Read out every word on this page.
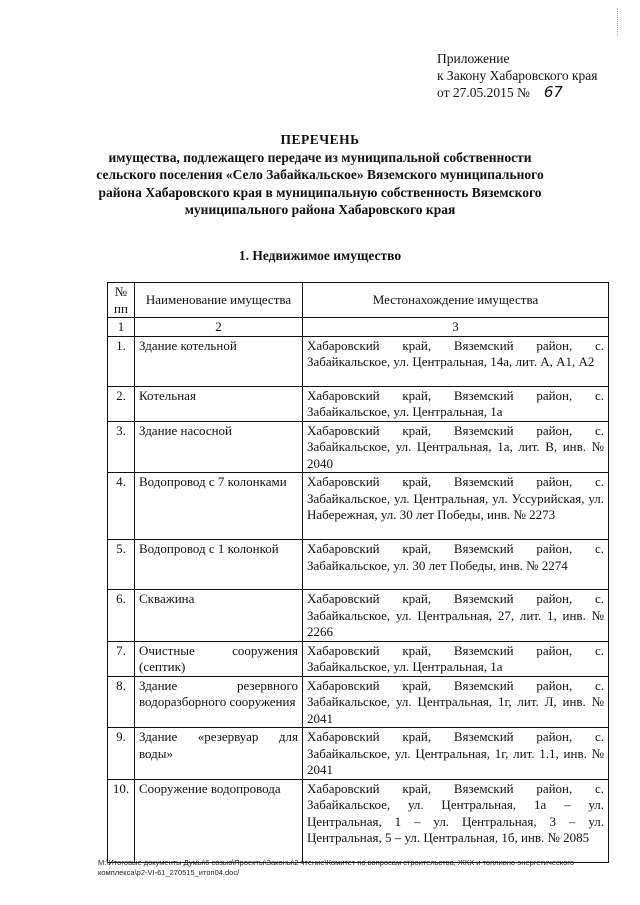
Приложение
к Закону Хабаровского края
от 27.05.2015 № 67
ПЕРЕЧЕНЬ
имущества, подлежащего передаче из муниципальной собственности
сельского поселения «Село Забайкальское» Вяземского муниципального
района Хабаровского края в муниципальную собственность Вяземского
муниципального района Хабаровского края
1. Недвижимое имущество
№
пп	Наименование имущества	Местонахождение имущества
1	2	3
1.	Здание котельной	Хабаровский край, Вяземский район, с. Забайкальское, ул. Центральная, 14а, лит. А, А1, А2
2.	Котельная	Хабаровский край, Вяземский район, с. Забайкальское, ул. Центральная, 1а
3.	Здание насосной	Хабаровский край, Вяземский район, с. Забайкальское, ул. Центральная, 1а, лит. В, инв. № 2040
4.	Водопровод с 7 колонками	Хабаровский край, Вяземский район, с. Забайкальское, ул. Центральная, ул. Уссурийская, ул. Набережная, ул. 30 лет Победы, инв. № 2273
5.	Водопровод с 1 колонкой	Хабаровский край, Вяземский район, с. Забайкальское, ул. 30 лет Победы, инв. № 2274
6.	Скважина	Хабаровский край, Вяземский район, с. Забайкальское, ул. Центральная, 27, лит. 1, инв. № 2266
7.	Очистные сооружения (септик)	Хабаровский край, Вяземский район, с. Забайкальское, ул. Центральная, 1а
8.	Здание резервного водоразборного сооружения	Хабаровский край, Вяземский район, с. Забайкальское, ул. Центральная, 1г, лит. Л, инв. № 2041
9.	Здание «резервуар для воды»	Хабаровский край, Вяземский район, с. Забайкальское, ул. Центральная, 1г, лит. 1.1, инв. № 2041
10.	Сооружение водопровода	Хабаровский край, Вяземский район, с. Забайкальское, ул. Центральная, 1а – ул. Центральная, 1 – ул. Центральная, 3 – ул. Центральная, 5 – ул. Центральная, 1б, инв. № 2085
M:\Итоговые документы Думы\6 созыв\Проекты\Законы\2 чтение\Комитет по вопросам строительства, ЖКХ и топливно-энергетического комплекса\р2-VI-61_270515_итоп04.doc/
